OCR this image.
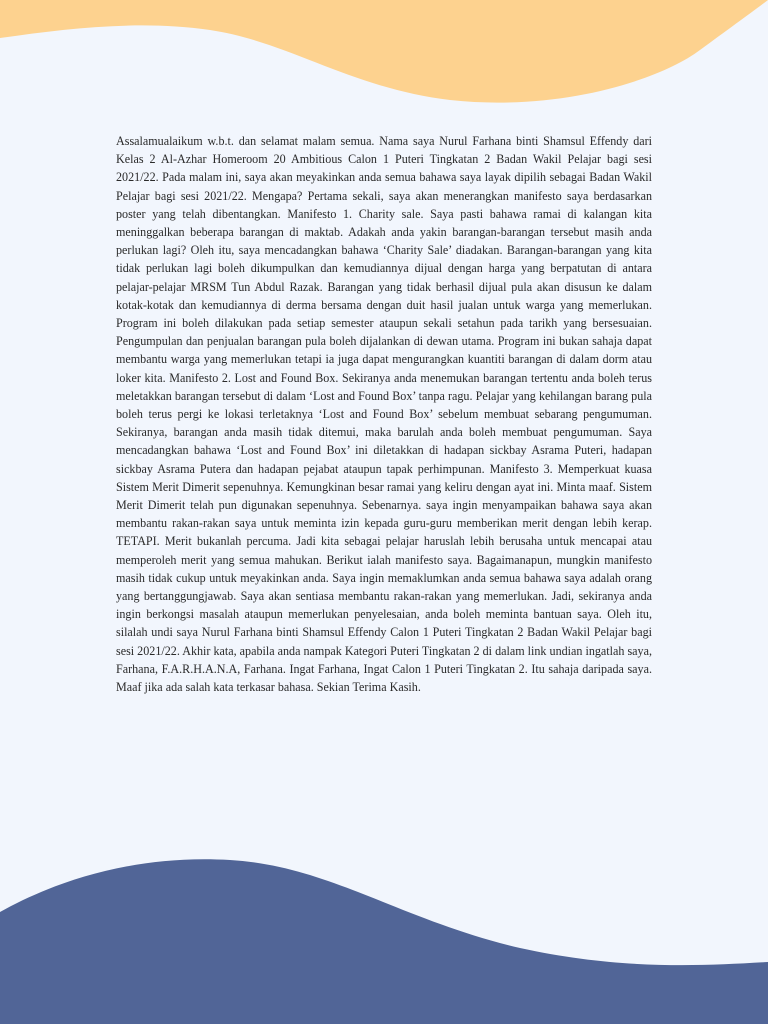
Assalamualaikum w.b.t. dan selamat malam semua. Nama saya Nurul Farhana binti Shamsul Effendy dari Kelas 2 Al-Azhar Homeroom 20 Ambitious Calon 1 Puteri Tingkatan 2 Badan Wakil Pelajar bagi sesi 2021/22. Pada malam ini, saya akan meyakinkan anda semua bahawa saya layak dipilih sebagai Badan Wakil Pelajar bagi sesi 2021/22. Mengapa? Pertama sekali, saya akan menerangkan manifesto saya berdasarkan poster yang telah dibentangkan. Manifesto 1. Charity sale. Saya pasti bahawa ramai di kalangan kita meninggalkan beberapa barangan di maktab. Adakah anda yakin barangan-barangan tersebut masih anda perlukan lagi? Oleh itu, saya mencadangkan bahawa ‘Charity Sale’ diadakan. Barangan-barangan yang kita tidak perlukan lagi boleh dikumpulkan dan kemudiannya dijual dengan harga yang berpatutan di antara pelajar-pelajar MRSM Tun Abdul Razak. Barangan yang tidak berhasil dijual pula akan disusun ke dalam kotak-kotak dan kemudiannya di derma bersama dengan duit hasil jualan untuk warga yang memerlukan. Program ini boleh dilakukan pada setiap semester ataupun sekali setahun pada tarikh yang bersesuaian. Pengumpulan dan penjualan barangan pula boleh dijalankan di dewan utama. Program ini bukan sahaja dapat membantu warga yang memerlukan tetapi ia juga dapat mengurangkan kuantiti barangan di dalam dorm atau loker kita. Manifesto 2. Lost and Found Box. Sekiranya anda menemukan barangan tertentu anda boleh terus meletakkan barangan tersebut di dalam ‘Lost and Found Box’ tanpa ragu. Pelajar yang kehilangan barang pula boleh terus pergi ke lokasi terletaknya ‘Lost and Found Box’ sebelum membuat sebarang pengumuman. Sekiranya, barangan anda masih tidak ditemui, maka barulah anda boleh membuat pengumuman. Saya mencadangkan bahawa ‘Lost and Found Box’ ini diletakkan di hadapan sickbay Asrama Puteri, hadapan sickbay Asrama Putera dan hadapan pejabat ataupun tapak perhimpunan. Manifesto 3. Memperkuat kuasa Sistem Merit Dimerit sepenuhnya. Kemungkinan besar ramai yang keliru dengan ayat ini. Minta maaf. Sistem Merit Dimerit telah pun digunakan sepenuhnya. Sebenarnya. saya ingin menyampaikan bahawa saya akan membantu rakan-rakan saya untuk meminta izin kepada guru-guru memberikan merit dengan lebih kerap. TETAPI. Merit bukanlah percuma. Jadi kita sebagai pelajar haruslah lebih berusaha untuk mencapai atau memperoleh merit yang semua mahukan. Berikut ialah manifesto saya. Bagaimanapun, mungkin manifesto masih tidak cukup untuk meyakinkan anda. Saya ingin memaklumkan anda semua bahawa saya adalah orang yang bertanggungjawab. Saya akan sentiasa membantu rakan-rakan yang memerlukan. Jadi, sekiranya anda ingin berkongsi masalah ataupun memerlukan penyelesaian, anda boleh meminta bantuan saya. Oleh itu, silalah undi saya Nurul Farhana binti Shamsul Effendy Calon 1 Puteri Tingkatan 2 Badan Wakil Pelajar bagi sesi 2021/22. Akhir kata, apabila anda nampak Kategori Puteri Tingkatan 2 di dalam link undian ingatlah saya, Farhana, F.A.R.H.A.N.A, Farhana. Ingat Farhana, Ingat Calon 1 Puteri Tingkatan 2. Itu sahaja daripada saya. Maaf jika ada salah kata terkasar bahasa. Sekian Terima Kasih.
